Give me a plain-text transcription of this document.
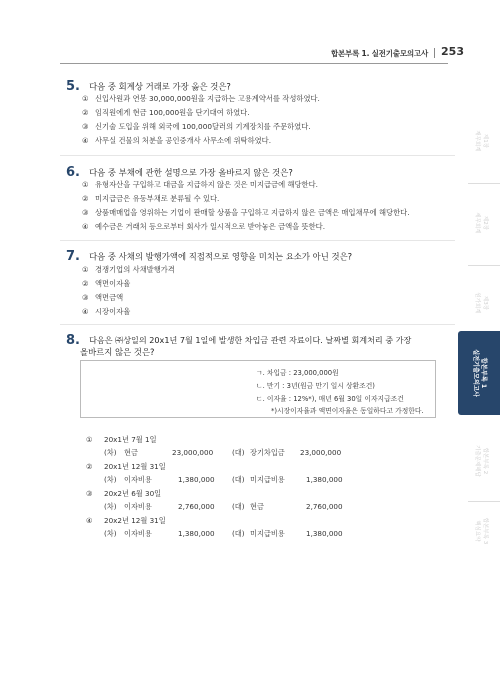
합본부록 1. 실전기출모의고사 253
5. 다음 중 회계상 거래로 가장 옳은 것은?
① 신입사원과 연봉 30,000,000원을 지급하는 고용계약서를 작성하였다.
② 임직원에게 현금 100,000원을 단기대여 하였다.
③ 신기술 도입을 위해 외국에 100,000달러의 기계장치를 주문하였다.
④ 사무실 건물의 처분을 공인중개사 사무소에 위탁하였다.
6. 다음 중 부채에 관한 설명으로 가장 올바르지 않은 것은?
① 유형자산을 구입하고 대금을 지급하지 않은 것은 미지급금에 해당한다.
② 미지급금은 유동부채로 분류될 수 있다.
③ 상품매매업을 영위하는 기업이 판매할 상품을 구입하고 지급하지 않은 금액은 매입채무에 해당한다.
④ 예수금은 거래처 등으로부터 회사가 일시적으로 받아놓은 금액을 뜻한다.
7. 다음 중 사채의 발행가액에 직접적으로 영향을 미치는 요소가 아닌 것은?
① 경쟁기업의 사채발행가격
② 액면이자율
③ 액면금액
④ 시장이자율
8. 다음은 ㈜상일의 20x1년 7월 1일에 발생한 차입금 관련 자료이다. 날짜별 회계처리 중 가장
올바르지 않은 것은?
ㄱ. 차입금 : 23,000,000원
ㄴ. 만기 : 3년(원금 만기 일시 상환조건)
ㄷ. 이자율 : 12%*), 매년 6월 30일 이자지급조건
*)시장이자율과 액면이자율은 동일하다고 가정한다.
① 20x1년 7월 1일
(차) 현금	23,000,000	(대) 장기차입금 23,000,000
② 20x1년 12월 31일
(차) 이자비용	1,380,000 (대) 미지급비용	1,380,000
③ 20x2년 6월 30일
(차) 이자비용	2,760,000 (대) 현금	2,760,000
④ 20x2년 12월 31일
(차) 이자비용	1,380,000 (대) 미지급비용	1,380,000
제1장
재무회계
제2장
세무회계
제3장
원가회계
합본부록 1
실전기출모의고사
합본부록 2
기출문제해답
합본부록 3
핵심요약
